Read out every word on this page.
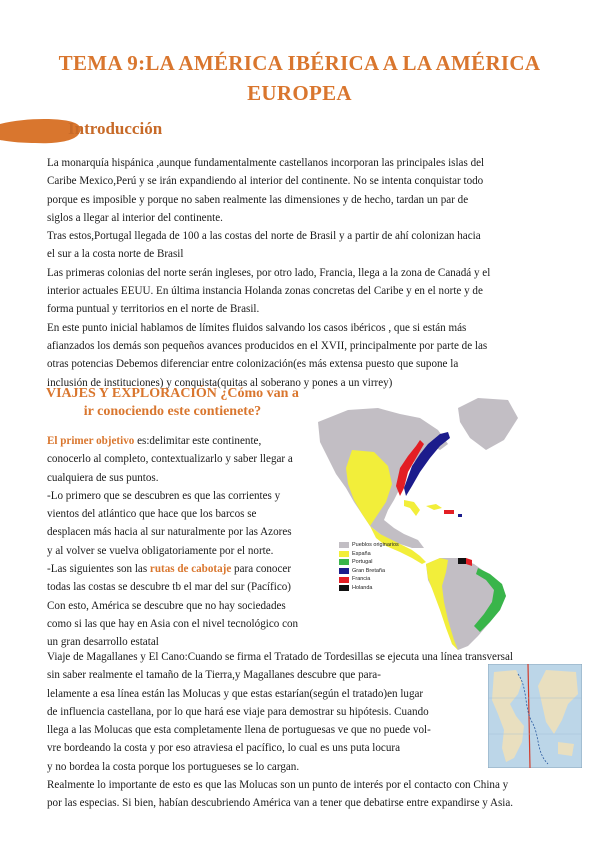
TEMA 9:LA AMÉRICA IBÉRICA A LA AMÉRICA
EUROPEA
Introducción
La monarquía hispánica ,aunque fundamentalmente castellanos incorporan las principales islas del
Caribe Mexico,Perú y se irán expandiendo al interior del continente. No se intenta conquistar todo
porque es imposible y porque no saben realmente las dimensiones y de hecho, tardan un par de
siglos a llegar al interior del continente.
Tras estos,Portugal llegada de 100 a las costas del norte de Brasil y a partir de ahí colonizan hacia
el sur a la costa norte de Brasil
Las primeras colonias del norte serán ingleses, por otro lado, Francia, llega a la zona de Canadá y el
interior actuales EEUU. En última instancia Holanda zonas concretas del Caribe y en el norte y de
forma puntual y territorios en el norte de Brasil.
En este punto inicial hablamos de límites fluidos salvando los casos ibéricos , que si están más
afianzados los demás son pequeños avances producidos en el XVII, principalmente por parte de las
otras potencias Debemos diferenciar entre colonización(es más extensa puesto que supone la
inclusión de instituciones) y conquista(quitas al soberano y pones a un virrey)
VIAJES Y EXPLORACIÓN ¿Cómo van a
ir conociendo este contienete?
El primer objetivo es:delimitar este continente,
conocerlo al completo, contextualizarlo y saber llegar a
cualquiera de sus puntos.
-Lo primero que se descubren es que las corrientes y
vientos del atlántico que hace que los barcos se
desplacen más hacia al sur naturalmente por las Azores
y al volver se vuelva obligatoriamente por el norte.
-Las siguientes son las rutas de cabotaje para conocer
todas las costas se descubre tb el mar del sur (Pacífico)
Con esto, América se descubre que no hay sociedades
como si las que hay en Asia con el nivel tecnológico con
un gran desarrollo estatal
Pueblos originarios
España
Portugal
Gran Bretaña
Francia
Holanda
Viaje de Magallanes y El Cano:Cuando se firma el Tratado de Tordesillas se ejecuta una línea transversal
sin saber realmente el tamaño de la Tierra,y Magallanes descubre que para-
lelamente a esa línea están las Molucas y que estas estarían(según el tratado)en lugar
de influencia castellana, por lo que hará ese viaje para demostrar su hipótesis. Cuando
llega a las Molucas que esta completamente llena de portuguesas ve que no puede vol-
vre bordeando la costa y por eso atraviesa el pacífico, lo cual es uns puta locura
y no bordea la costa porque los portugueses se lo cargan.
Realmente lo importante de esto es que las Molucas son un punto de interés por el contacto con China y
por las especias. Si bien, habían descubriendo América van a tener que debatirse entre expandirse y Asia.
